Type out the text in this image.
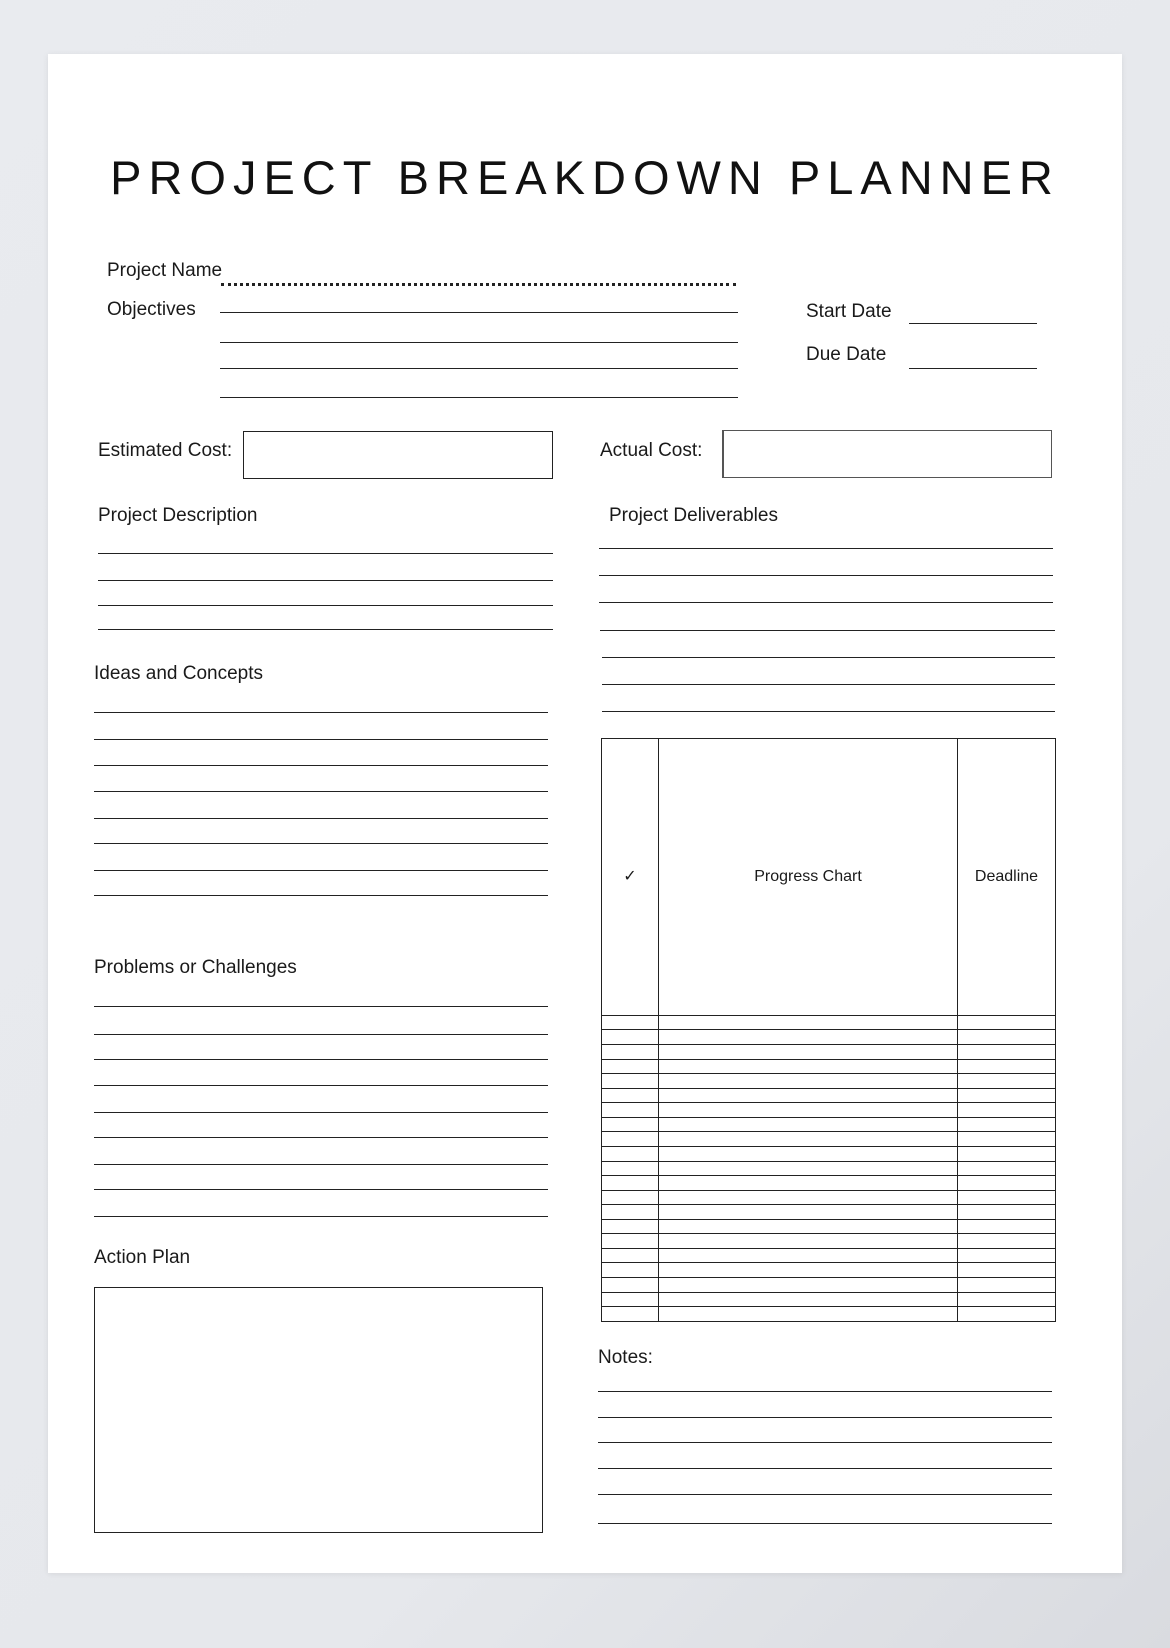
PROJECT BREAKDOWN PLANNER
Project Name
Objectives	Start Date
Due Date
Estimated Cost:	Actual Cost:
Project Description	Project Deliverables
Ideas and Concepts
Problems or Challenges
Action Plan
✓	Progress Chart	Deadline

Notes:
